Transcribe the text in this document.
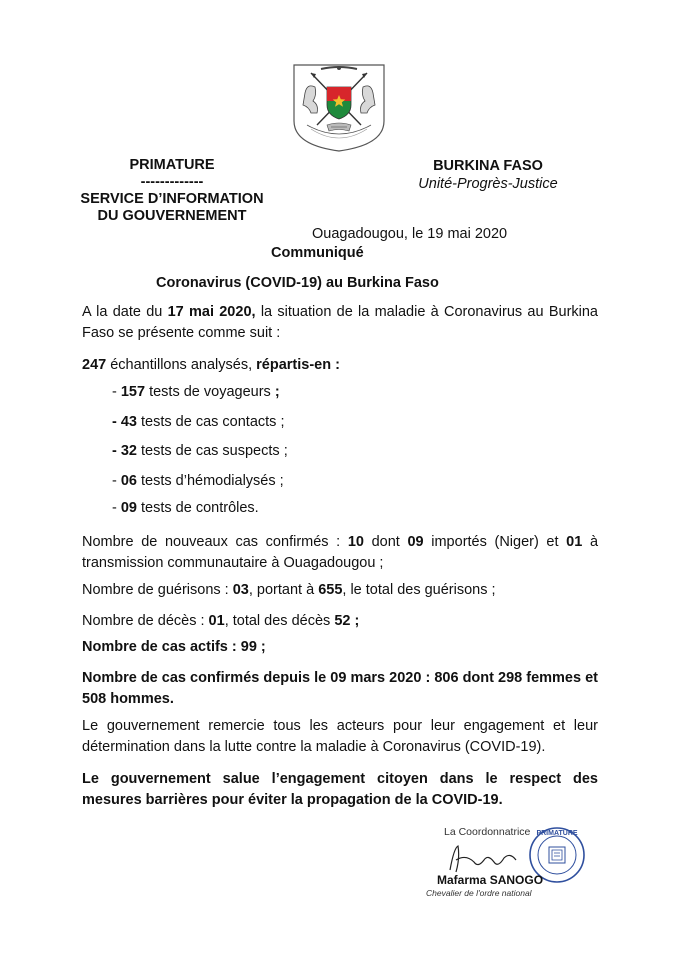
PRIMATURE
-------------
SERVICE D’INFORMATION
DU GOUVERNEMENT
BURKINA FASO
Unité-Progrès-Justice
Ouagadougou, le 19 mai 2020
Communiqué
Coronavirus (COVID-19) au Burkina Faso
A la date du 17 mai 2020, la situation de la maladie à Coronavirus au Burkina Faso se présente comme suit :
247 échantillons analysés, répartis-en :
- 157 tests de voyageurs ;
- 43 tests de cas contacts ;
- 32 tests de cas suspects ;
- 06 tests d’hémodialysés ;
- 09 tests de contrôles.
Nombre de nouveaux cas confirmés : 10 dont 09 importés (Niger) et 01 à transmission communautaire à Ouagadougou ;
Nombre de guérisons : 03, portant à 655, le total des guérisons ;
Nombre de décès : 01, total des décès 52 ;
Nombre de cas actifs : 99 ;
Nombre de cas confirmés depuis le 09 mars 2020 : 806 dont 298 femmes et 508 hommes.
Le gouvernement remercie tous les acteurs pour leur engagement et leur détermination dans la lutte contre la maladie à Coronavirus (COVID-19).
Le gouvernement salue l’engagement citoyen dans le respect des mesures barrières pour éviter la propagation de la COVID-19.
La Coordonnatrice PRIMATURE
Mafarma SANOGO
Chevalier de l'ordre national
